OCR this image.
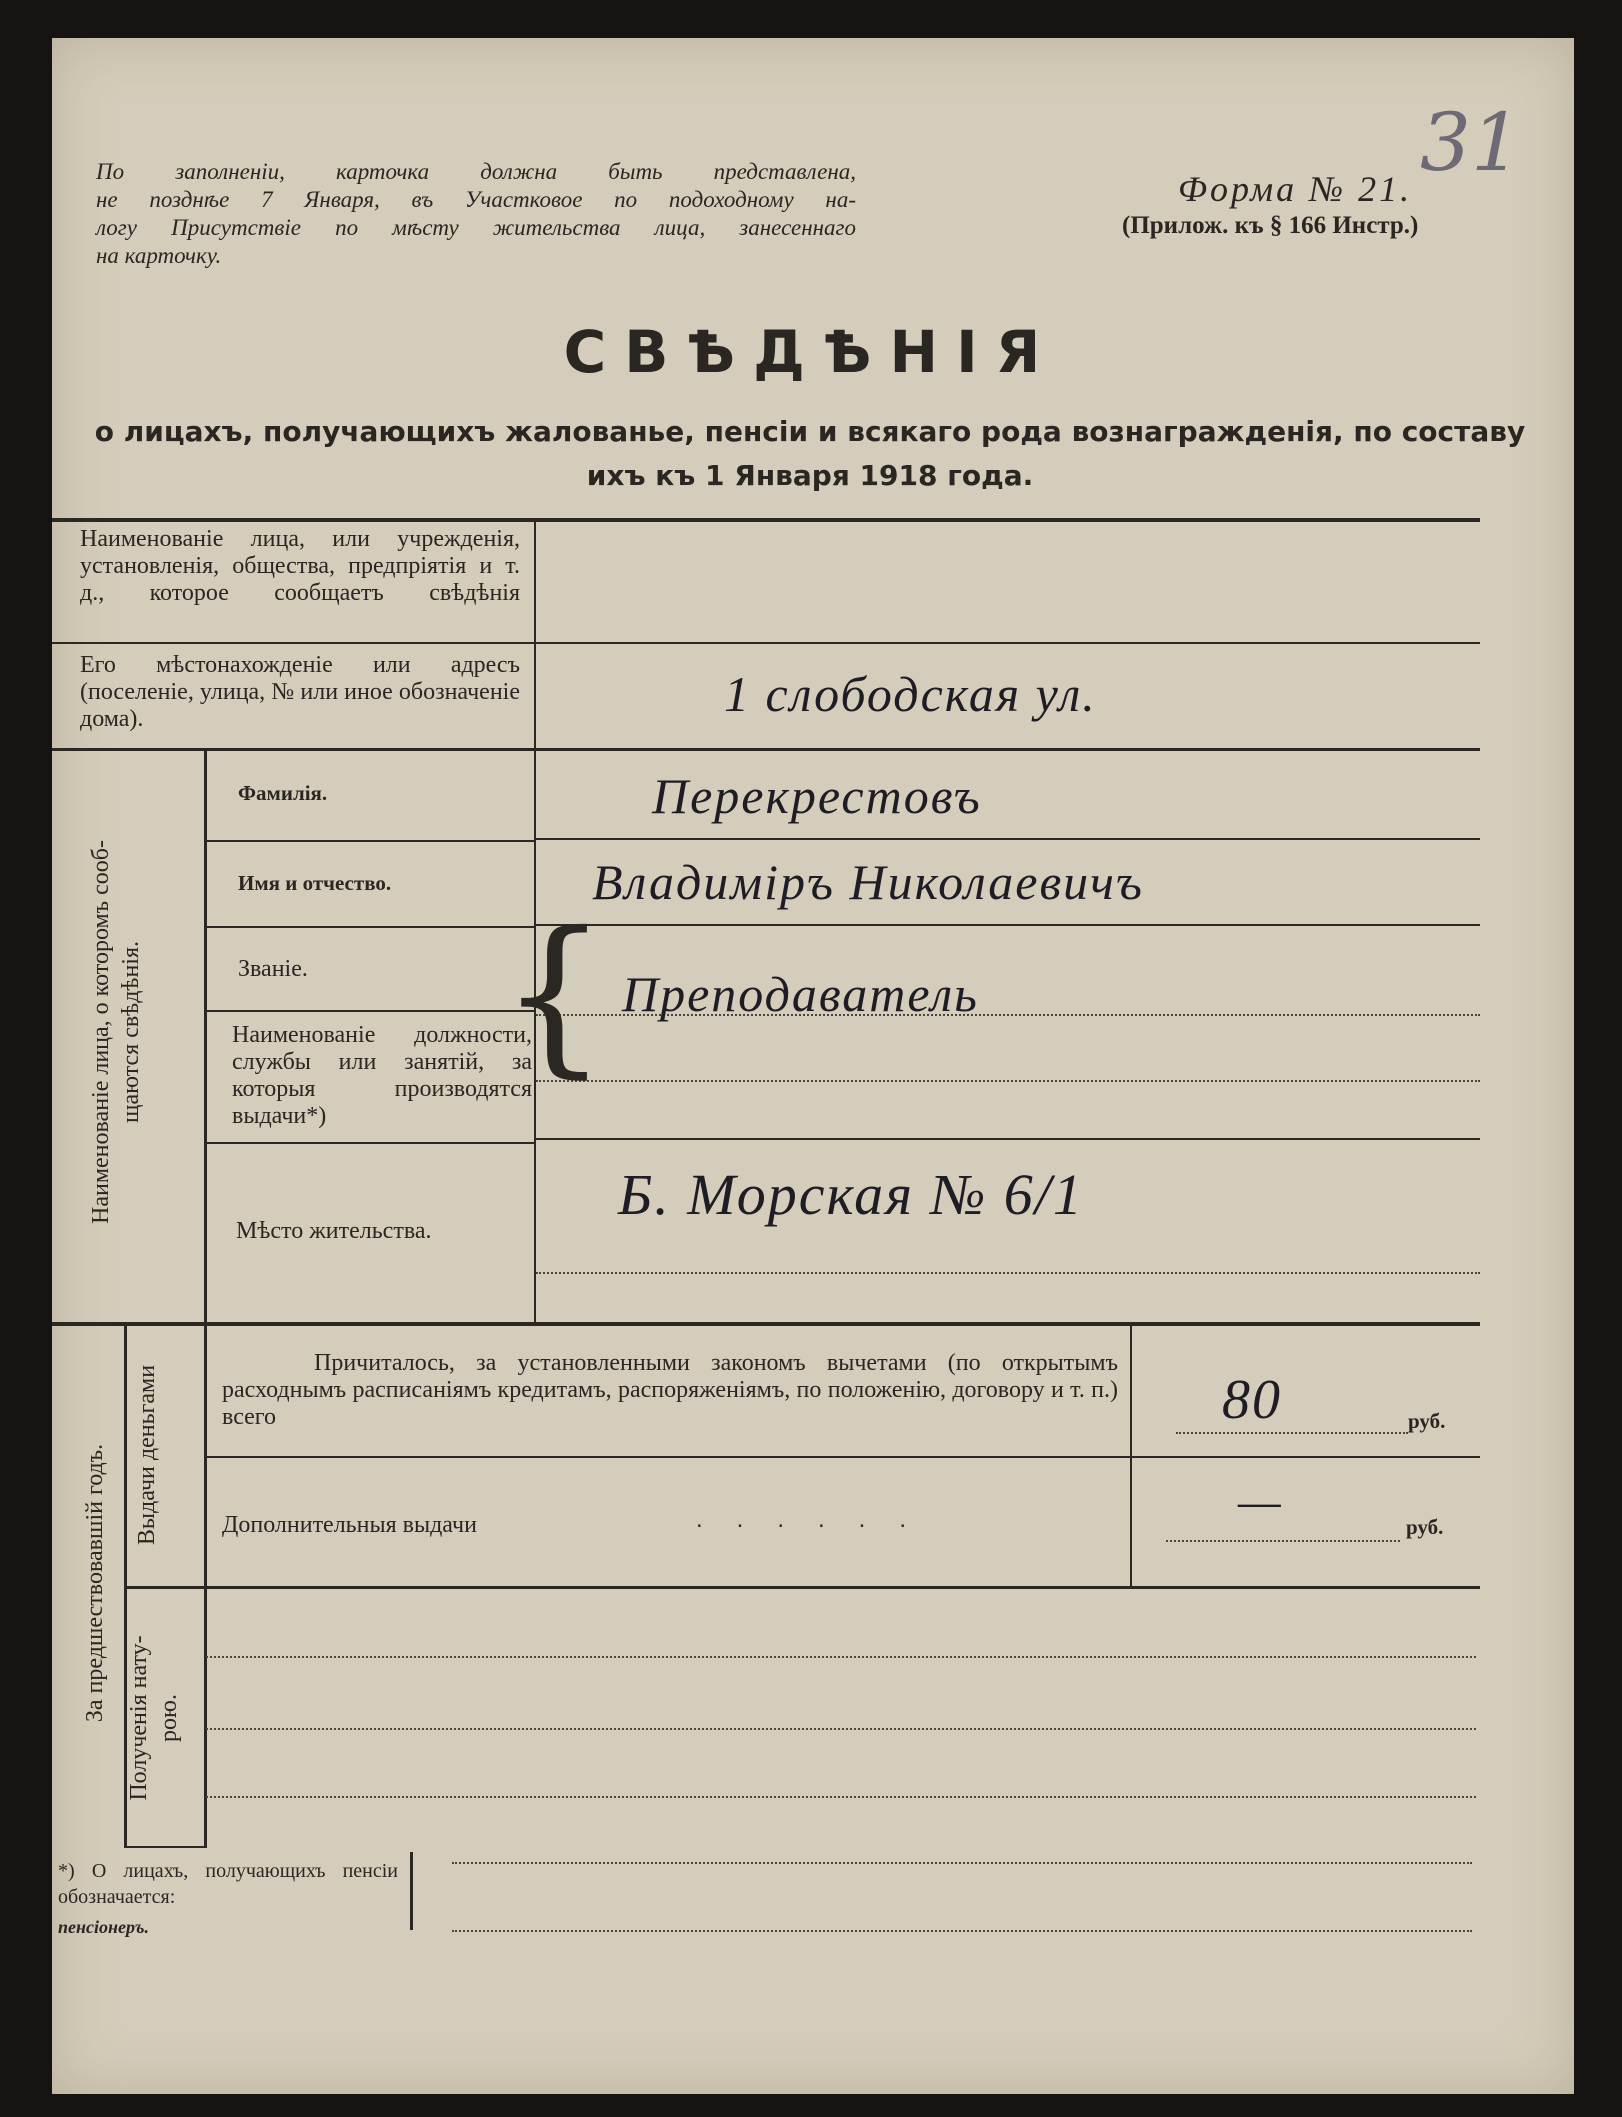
По заполненіи, карточка должна быть представлена,
не позднѣе 7 Января, въ Участковое по подоходному на-
логу Присутствіе по мѣсту жительства лица, занесеннаго
на карточку.
31
Форма № 21.
(Прилож. къ § 166 Инстр.)
СВѢДѢНІЯ
о лицахъ, получающихъ жалованье, пенсіи и всякаго рода вознагражденія, по составу
ихъ къ 1 Января 1918 года.
Наименованіе лица, или учрежденія, установленія, общества, предпріятія и т. д., которое сообщаетъ свѣдѣнія
Его мѣстонахожденіе или адресъ (поселеніе, улица, № или иное обозначеніе дома).	1 слободская ул.
Наименованіе лица, о которомъ сооб- щаются свѣдѣнія.
Фамилія.	Перекрестовъ
Имя и отчество.	Владиміръ Николаевичъ
Званіе.	Преподаватель
{
Наименованіе должности, службы или занятій, за которыя производятся выдачи*)
Мѣсто жительства.
Б. Морская № 6/1
За предшествовавшій годъ. Выдачи деньгами
Причиталось, за установленными закономъ вычетами (по открытымъ расходнымъ расписаніямъ кредитамъ, распоряженіямъ, по положенію, договору и т. п.) всего	80	руб.
Дополнительныя выдачи	......	—	руб.
Полученія нату- рою.
*) О лицахъ, получающихъ пенсіи обозначается:
пенсіонеръ.
